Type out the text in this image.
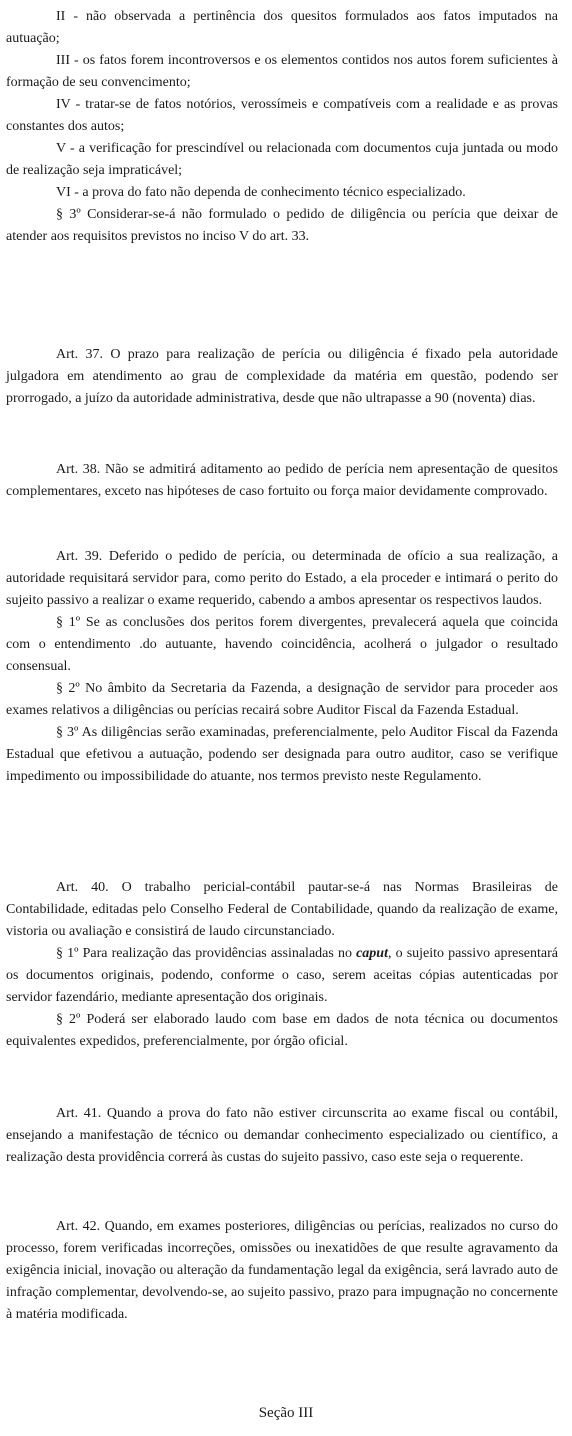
II - não observada a pertinência dos quesitos formulados aos fatos imputados na autuação;

III - os fatos forem incontroversos e os elementos contidos nos autos forem suficientes à formação de seu convencimento;

IV - tratar-se de fatos notórios, verossímeis e compatíveis com a realidade e as provas constantes dos autos;

V - a verificação for prescindível ou relacionada com documentos cuja juntada ou modo de realização seja impraticável;

VI - a prova do fato não dependa de conhecimento técnico especializado.

§ 3º Considerar-se-á não formulado o pedido de diligência ou perícia que deixar de atender aos requisitos previstos no inciso V do art. 33.

Art. 37. O prazo para realização de perícia ou diligência é fixado pela autoridade julgadora em atendimento ao grau de complexidade da matéria em questão, podendo ser prorrogado, a juízo da autoridade administrativa, desde que não ultrapasse a 90 (noventa) dias.

Art. 38. Não se admitirá aditamento ao pedido de perícia nem apresentação de quesitos complementares, exceto nas hipóteses de caso fortuito ou força maior devidamente comprovado.

Art. 39. Deferido o pedido de perícia, ou determinada de ofício a sua realização, a autoridade requisitará servidor para, como perito do Estado, a ela proceder e intimará o perito do sujeito passivo a realizar o exame requerido, cabendo a ambos apresentar os respectivos laudos.

§ 1º Se as conclusões dos peritos forem divergentes, prevalecerá aquela que coincida com o entendimento .do autuante, havendo coincidência, acolherá o julgador o resultado consensual.

§ 2º No âmbito da Secretaria da Fazenda, a designação de servidor para proceder aos exames relativos a diligências ou perícias recairá sobre Auditor Fiscal da Fazenda Estadual.

§ 3º As diligências serão examinadas, preferencialmente, pelo Auditor Fiscal da Fazenda Estadual que efetivou a autuação, podendo ser designada para outro auditor, caso se verifique impedimento ou impossibilidade do atuante, nos termos previsto neste Regulamento.

Art. 40. O trabalho pericial-contábil pautar-se-á nas Normas Brasileiras de Contabilidade, editadas pelo Conselho Federal de Contabilidade, quando da realização de exame, vistoria ou avaliação e consistirá de laudo circunstanciado.

§ 1º Para realização das providências assinaladas no caput, o sujeito passivo apresentará os documentos originais, podendo, conforme o caso, serem aceitas cópias autenticadas por servidor fazendário, mediante apresentação dos originais.

§ 2º Poderá ser elaborado laudo com base em dados de nota técnica ou documentos equivalentes expedidos, preferencialmente, por órgão oficial.

Art. 41. Quando a prova do fato não estiver circunscrita ao exame fiscal ou contábil, ensejando a manifestação de técnico ou demandar conhecimento especializado ou científico, a realização desta providência correrá às custas do sujeito passivo, caso este seja o requerente.

Art. 42. Quando, em exames posteriores, diligências ou perícias, realizados no curso do processo, forem verificadas incorreções, omissões ou inexatidões de que resulte agravamento da exigência inicial, inovação ou alteração da fundamentação legal da exigência, será lavrado auto de infração complementar, devolvendo-se, ao sujeito passivo, prazo para impugnação no concernente à matéria modificada.

Seção III
